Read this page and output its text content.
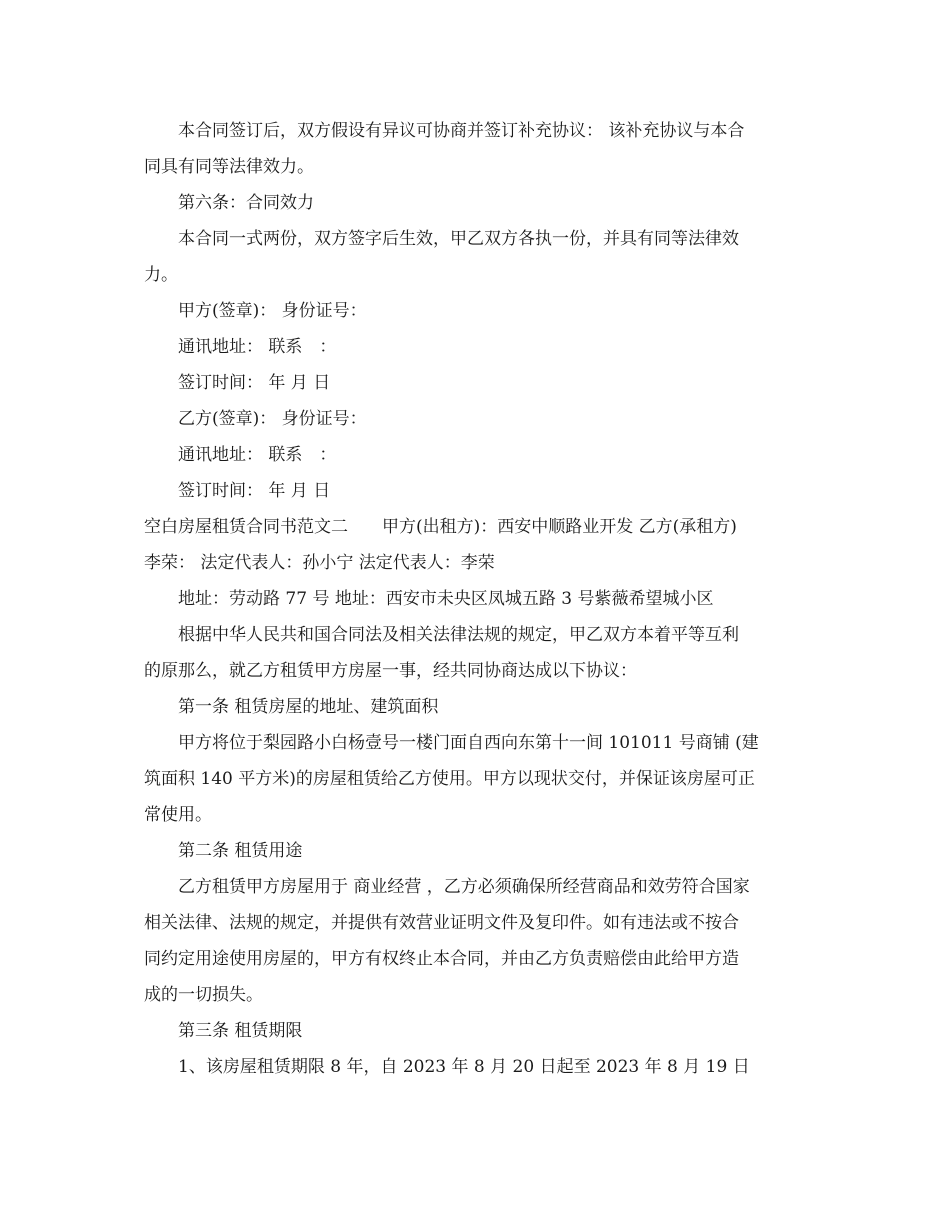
本合同签订后，双方假设有异议可协商并签订补充协议： 该补充协议与本合
同具有同等法律效力。
第六条：合同效力
本合同一式两份，双方签字后生效，甲乙双方各执一份，并具有同等法律效
力。
甲方(签章)： 身份证号：
通讯地址： 联系　：
签订时间： 年 月 日
乙方(签章)： 身份证号：
通讯地址： 联系　：
签订时间： 年 月 日
空白房屋租赁合同书范文二　　甲方(出租方)：西安中顺路业开发 乙方(承租方)
李荣： 法定代表人：孙小宁 法定代表人：李荣
地址：劳动路 77 号 地址：西安市未央区凤城五路 3 号紫薇希望城小区
根据中华人民共和国合同法及相关法律法规的规定，甲乙双方本着平等互利
的原那么，就乙方租赁甲方房屋一事，经共同协商达成以下协议：
第一条 租赁房屋的地址、建筑面积
甲方将位于梨园路小白杨壹号一楼门面自西向东第十一间 101011 号商铺 (建
筑面积 140 平方米)的房屋租赁给乙方使用。甲方以现状交付，并保证该房屋可正
常使用。
第二条 租赁用途
乙方租赁甲方房屋用于 商业经营 ，乙方必须确保所经营商品和效劳符合国家
相关法律、法规的规定，并提供有效营业证明文件及复印件。如有违法或不按合
同约定用途使用房屋的，甲方有权终止本合同，并由乙方负责赔偿由此给甲方造
成的一切损失。
第三条 租赁期限
1、该房屋租赁期限 8 年，自 2023 年 8 月 20 日起至 2023 年 8 月 19 日
